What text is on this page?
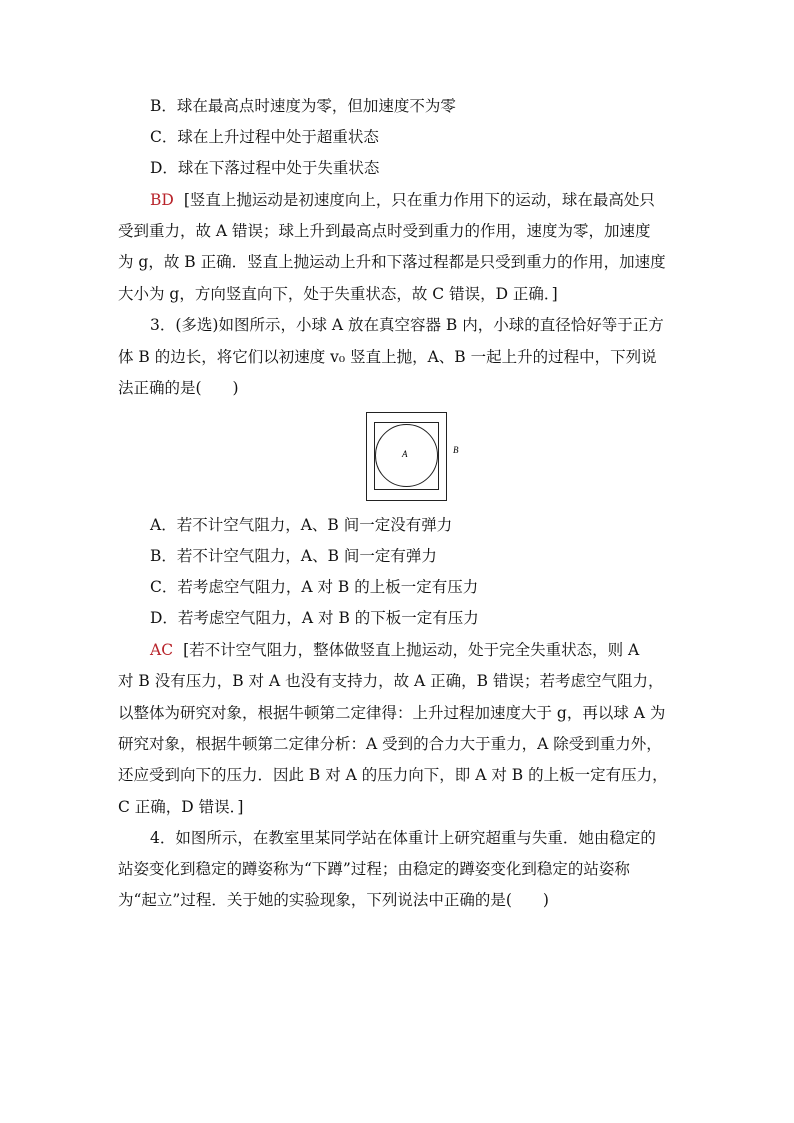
B．球在最高点时速度为零，但加速度不为零
C．球在上升过程中处于超重状态
D．球在下落过程中处于失重状态
BD [竖直上抛运动是初速度向上，只在重力作用下的运动，球在最高处只
受到重力，故 A 错误；球上升到最高点时受到重力的作用，速度为零，加速度
为 g，故 B 正确．竖直上抛运动上升和下落过程都是只受到重力的作用，加速度
大小为 g，方向竖直向下，处于失重状态，故 C 错误，D 正确．]
3．(多选)如图所示，小球 A 放在真空容器 B 内，小球的直径恰好等于正方
体 B 的边长，将它们以初速度 v₀ 竖直上抛，A、B 一起上升的过程中，下列说
法正确的是(　　)
A	B
A．若不计空气阻力，A、B 间一定没有弹力
B．若不计空气阻力，A、B 间一定有弹力
C．若考虑空气阻力，A 对 B 的上板一定有压力
D．若考虑空气阻力，A 对 B 的下板一定有压力
AC [若不计空气阻力，整体做竖直上抛运动，处于完全失重状态，则 A
对 B 没有压力，B 对 A 也没有支持力，故 A 正确，B 错误；若考虑空气阻力，
以整体为研究对象，根据牛顿第二定律得：上升过程加速度大于 g，再以球 A 为
研究对象，根据牛顿第二定律分析：A 受到的合力大于重力，A 除受到重力外，
还应受到向下的压力．因此 B 对 A 的压力向下，即 A 对 B 的上板一定有压力，
C 正确，D 错误．]
4．如图所示，在教室里某同学站在体重计上研究超重与失重．她由稳定的
站姿变化到稳定的蹲姿称为“下蹲”过程；由稳定的蹲姿变化到稳定的站姿称
为“起立”过程．关于她的实验现象，下列说法中正确的是(　　)
